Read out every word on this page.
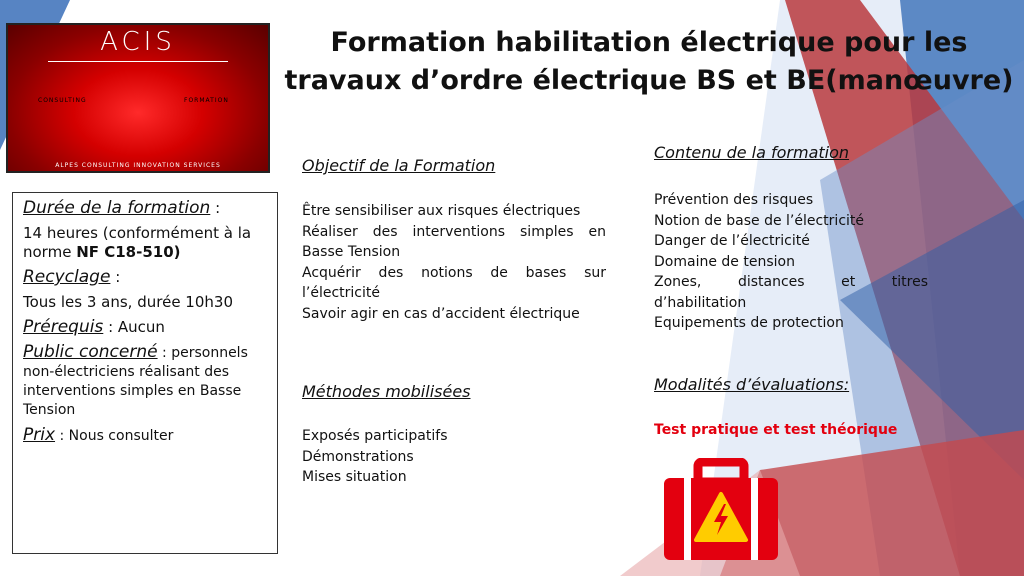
ACIS
CONSULTING	FORMATION
ALPES CONSULTING INNOVATION SERVICES
Formation habilitation électrique pour les
travaux d’ordre électrique BS et BE(manœuvre)

Durée de la formation :

14 heures (conformément à la norme NF C18-510)

Recyclage :

Tous les 3 ans, durée 10h30

Prérequis : Aucun

Public concerné : personnels non-électriciens réalisant des interventions simples en Basse Tension

Prix : Nous consulter

Objectif de la Formation
Être sensibiliser aux risques électriques
Réaliser des interventions simples en Basse Tension
Acquérir des notions de bases sur l’électricité
Savoir agir en cas d’accident électrique
Méthodes mobilisées
Exposés participatifs
Démonstrations
Mises situation
Contenu de la formation
Prévention des risques
Notion de base de l’électricité
Danger de l’électricité
Domaine de tension
Zones, distances et titres d’habilitation
Equipements de protection
Modalités d’évaluations:
Test pratique et test théorique
